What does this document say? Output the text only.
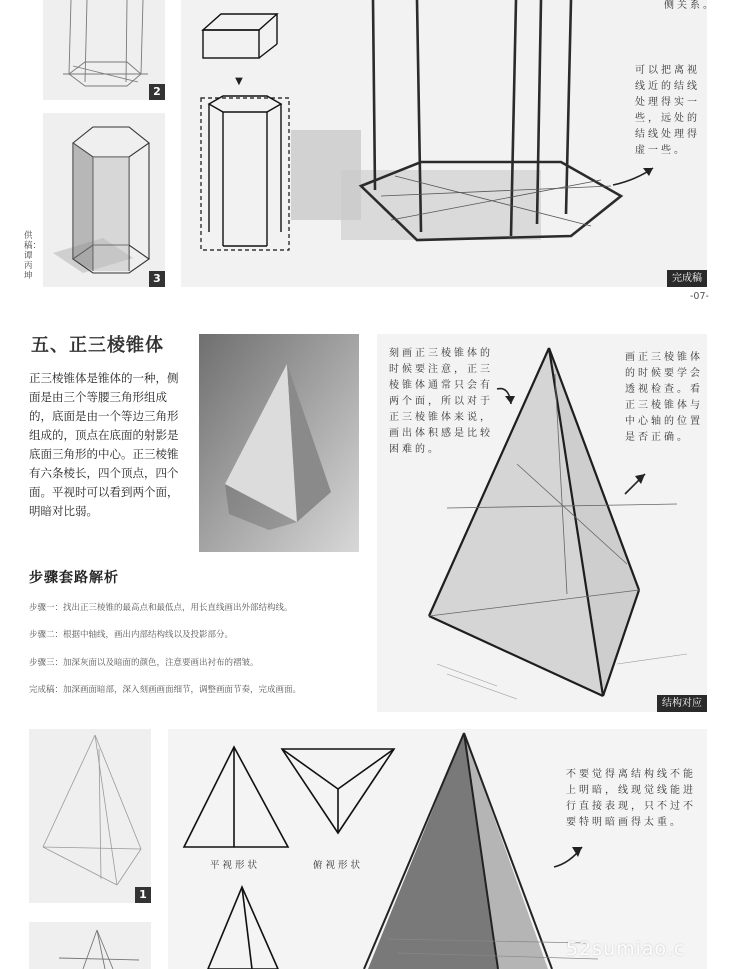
2
3
供稿：谭丙坤
▼
侧关系。
可以把离视线近的结线处理得实一些，远处的结线处理得虚一些。
完成稿
-07-
五、正三棱锥体
正三棱锥体是锥体的一种，侧面是由三个等腰三角形组成的，底面是由一个等边三角形组成的，顶点在底面的射影是底面三角形的中心。正三棱锥有六条棱长，四个顶点，四个面。平视时可以看到两个面，明暗对比弱。
步骤套路解析
步骤一：找出正三棱锥的最高点和最低点，用长直线画出外部结构线。
步骤二：根据中轴线，画出内部结构线以及投影部分。
步骤三：加深灰面以及暗面的颜色，注意要画出衬布的褶皱。
完成稿：加深画面暗部，深入刻画画面细节，调整画面节奏，完成画面。
刻画正三棱锥体的时候要注意，正三棱锥体通常只会有两个面，所以对于正三棱锥体来说，画出体积感是比较困难的。
画正三棱锥体的时候要学会透视检查。看正三棱锥体与中心轴的位置是否正确。
结构对应
1
平视形状	俯视形状
不要觉得离结构线不能上明暗，线现觉线能进行直接表现，只不过不要特明暗画得太重。
52sumiao.c
